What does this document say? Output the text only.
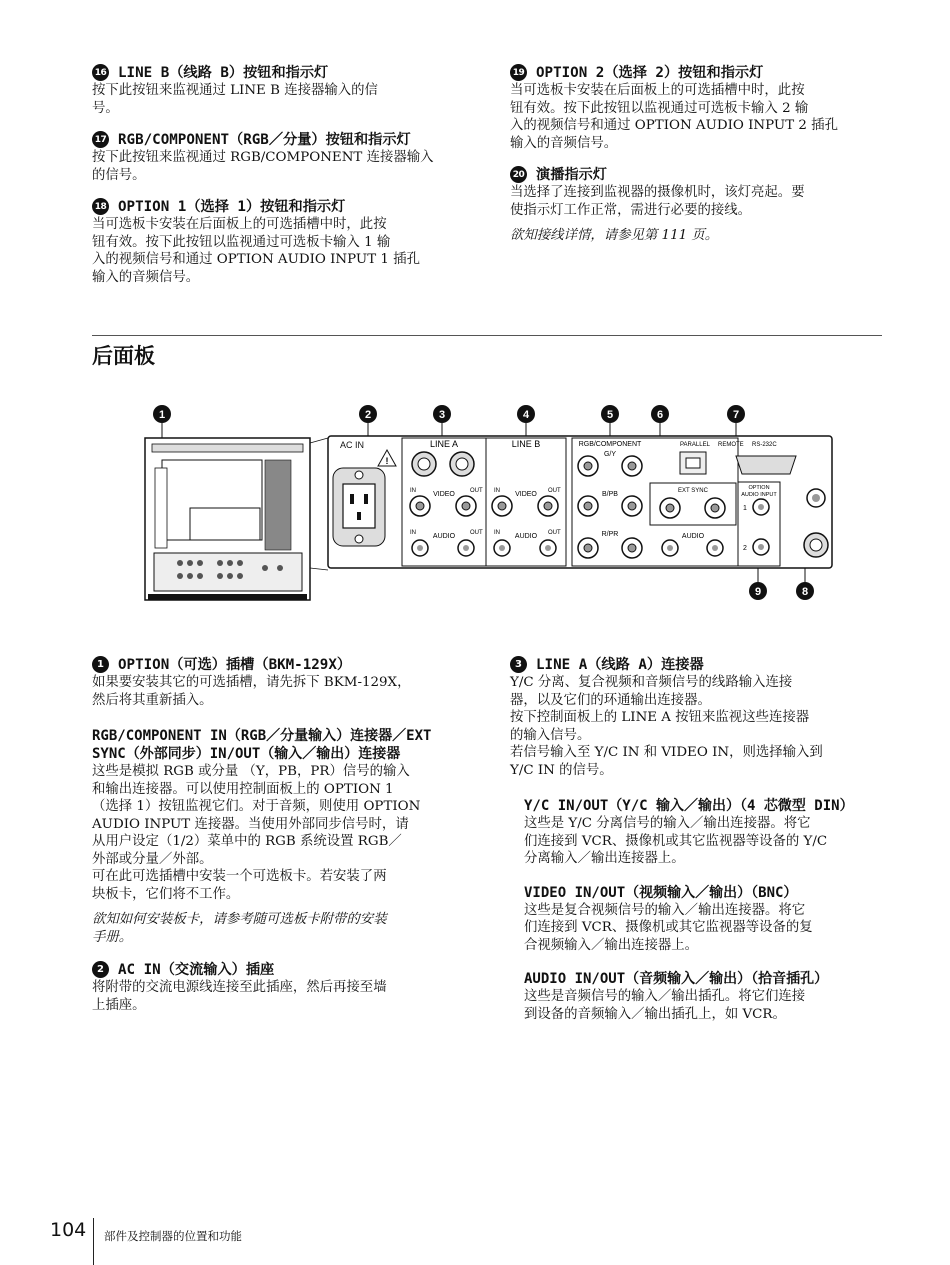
16 LINE B（线路 B）按钮和指示灯

按下此按钮来监视通过 LINE B 连接器输入的信
号。

17 RGB/COMPONENT（RGB／分量）按钮和指示灯

按下此按钮来监视通过 RGB/COMPONENT 连接器输入
的信号。

18 OPTION 1（选择 1）按钮和指示灯

当可选板卡安装在后面板上的可选插槽中时，此按
钮有效。按下此按钮以监视通过可选板卡输入 1 输
入的视频信号和通过 OPTION AUDIO INPUT 1 插孔
输入的音频信号。

19 OPTION 2（选择 2）按钮和指示灯

当可选板卡安装在后面板上的可选插槽中时，此按
钮有效。按下此按钮以监视通过可选板卡输入 2 输
入的视频信号和通过 OPTION AUDIO INPUT 2 插孔
输入的音频信号。

20 演播指示灯

当选择了连接到监视器的摄像机时，该灯亮起。要
使指示灯工作正常，需进行必要的接线。

欲知接线详情，请参见第 111 页。

后面板
1	2	3	4	5	6	7
8
9
AC IN
!
LINE A
IN	OUT
VIDEO
IN	OUT
AUDIO
LINE B
IN	OUT
VIDEO
IN	OUT
AUDIO
RGB/COMPONENT
G/Y
B/PB
R/PR
EXT SYNC
AUDIO
PARALLEL REMOTE RS-232C
OPTION
AUDIO INPUT
1
2
1 OPTION（可选）插槽（BKM-129X）

如果要安装其它的可选插槽，请先拆下 BKM-129X，
然后将其重新插入。

RGB/COMPONENT IN（RGB／分量输入）连接器／EXT
SYNC（外部同步）IN/OUT（输入／输出）连接器

这些是模拟 RGB 或分量 （Y，PB，PR）信号的输入
和输出连接器。可以使用控制面板上的 OPTION 1
（选择 1）按钮监视它们。对于音频，则使用 OPTION
AUDIO INPUT 连接器。当使用外部同步信号时，请
从用户设定（1/2）菜单中的 RGB 系统设置 RGB／
外部或分量／外部。
可在此可选插槽中安装一个可选板卡。若安装了两
块板卡，它们将不工作。

欲知如何安装板卡，请参考随可选板卡附带的安装
手册。

2 AC IN（交流输入）插座

将附带的交流电源线连接至此插座，然后再接至墙
上插座。

3 LINE A（线路 A）连接器

Y/C 分离、复合视频和音频信号的线路输入连接
器，以及它们的环通输出连接器。
按下控制面板上的 LINE A 按钮来监视这些连接器
的输入信号。
若信号输入至 Y/C IN 和 VIDEO IN，则选择输入到
Y/C IN 的信号。

Y/C IN/OUT（Y/C 输入／输出）（4 芯微型 DIN）

这些是 Y/C 分离信号的输入／输出连接器。将它
们连接到 VCR、摄像机或其它监视器等设备的 Y/C
分离输入／输出连接器上。

VIDEO IN/OUT（视频输入／输出）（BNC）

这些是复合视频信号的输入／输出连接器。将它
们连接到 VCR、摄像机或其它监视器等设备的复
合视频输入／输出连接器上。

AUDIO IN/OUT（音频输入／输出）（拾音插孔）

这些是音频信号的输入／输出插孔。将它们连接
到设备的音频输入／输出插孔上，如 VCR。

104 部件及控制器的位置和功能
